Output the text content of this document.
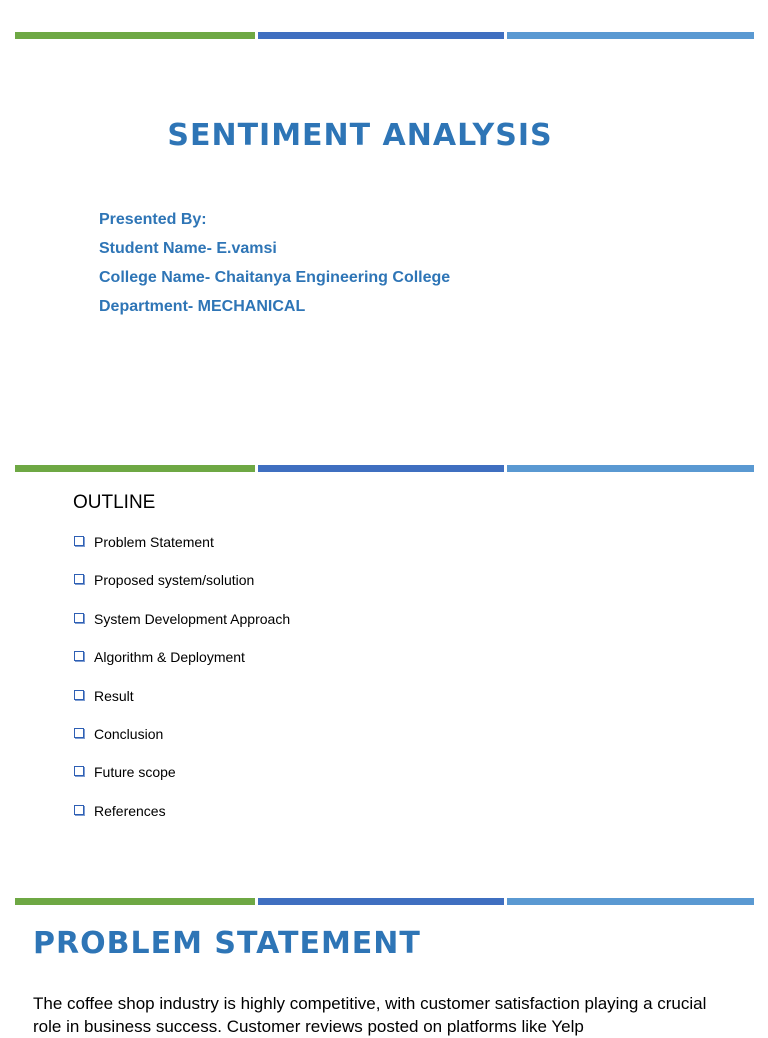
SENTIMENT ANALYSIS
Presented By:
Student Name- E.vamsi
College Name- Chaitanya Engineering College
Department- MECHANICAL
OUTLINE
Problem Statement
Proposed system/solution
System Development Approach
Algorithm & Deployment
Result
Conclusion
Future scope
References
PROBLEM STATEMENT
The coffee shop industry is highly competitive, with customer satisfaction playing a crucial role in business success. Customer reviews posted on platforms like Yelp
